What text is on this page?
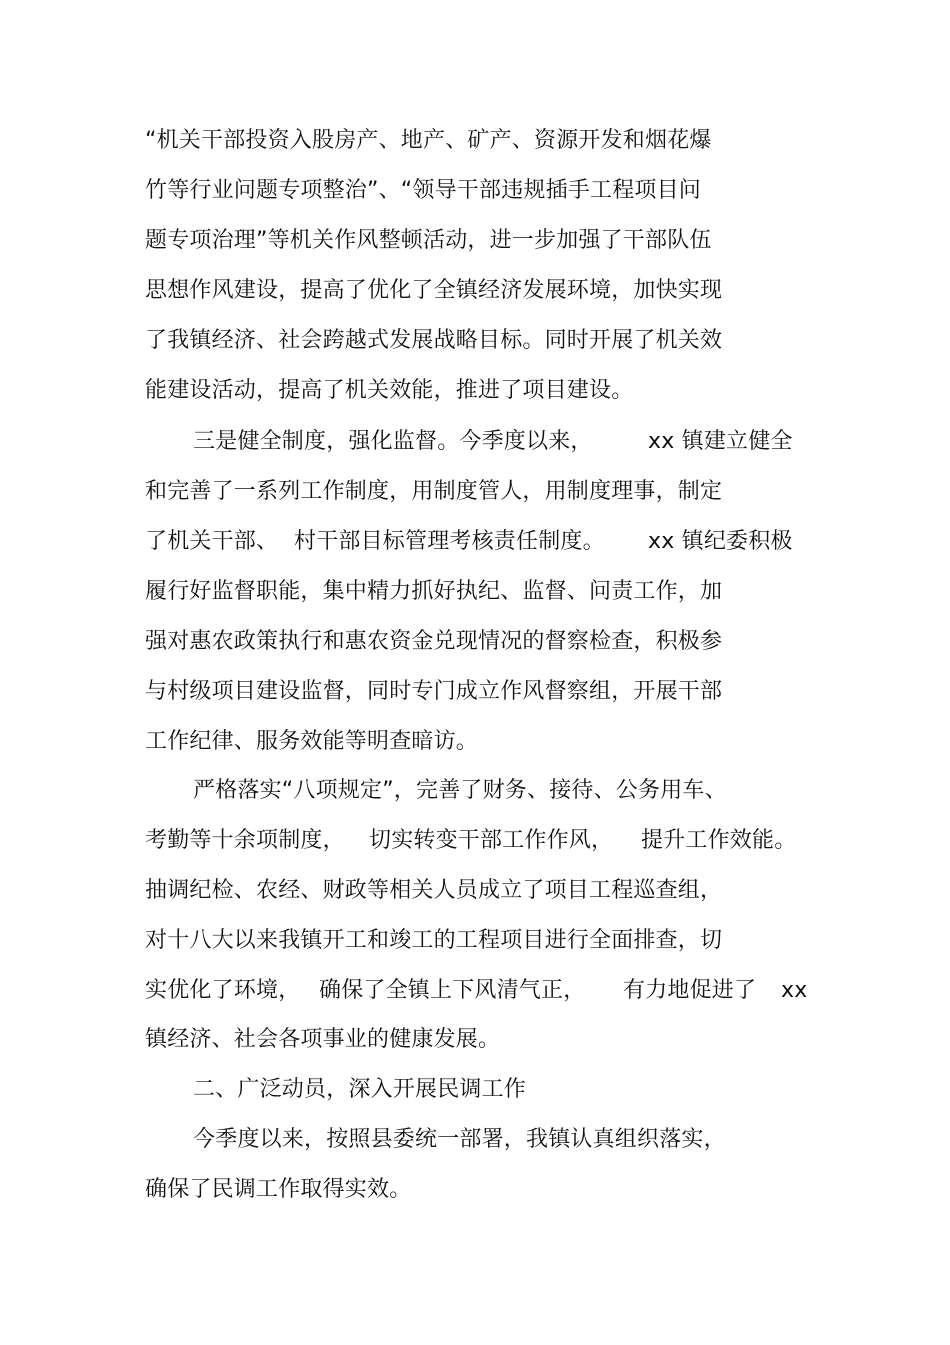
“机关干部投资入股房产、地产、矿产、资源开发和烟花爆
竹等行业问题专项整治”、“领导干部违规插手工程项目问
题专项治理”等机关作风整顿活动，进一步加强了干部队伍
思想作风建设，提高了优化了全镇经济发展环境，加快实现
了我镇经济、社会跨越式发展战略目标。同时开展了机关效
能建设活动，提高了机关效能，推进了项目建设。
三是健全制度，强化监督。今季度以来，	xx 镇建立健全
和完善了一系列工作制度，用制度管人，用制度理事，制定
了机关干部、 村干部目标管理考核责任制度。 xx 镇纪委积极
履行好监督职能，集中精力抓好执纪、监督、问责工作，加
强对惠农政策执行和惠农资金兑现情况的督察检查，积极参
与村级项目建设监督，同时专门成立作风督察组，开展干部
工作纪律、服务效能等明查暗访。
严格落实“八项规定”，完善了财务、接待、公务用车、
考勤等十余项制度， 切实转变干部工作作风， 提升工作效能。
抽调纪检、农经、财政等相关人员成立了项目工程巡查组，
对十八大以来我镇开工和竣工的工程项目进行全面排查，切
实优化了环境， 确保了全镇上下风清气正， 有力地促进了 xx
镇经济、社会各项事业的健康发展。
二、广泛动员，深入开展民调工作
今季度以来，按照县委统一部署，我镇认真组织落实，
确保了民调工作取得实效。
